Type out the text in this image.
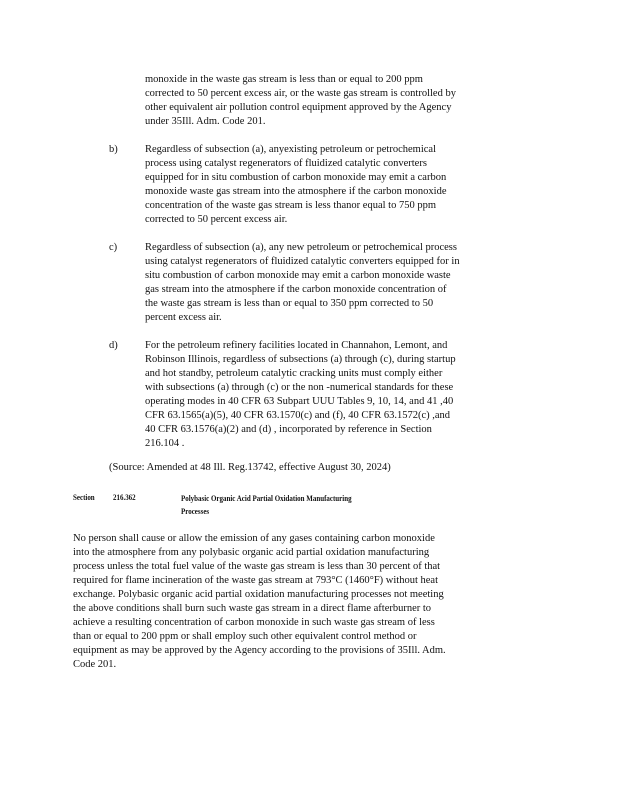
monoxide in the waste gas stream is less than or equal to 200 ppm
corrected to 50 percent excess air, or the waste gas stream is controlled by
other equivalent air pollution control equipment approved by the Agency
under 35Ill. Adm. Code 201.
b)	Regardless of subsection (a), anyexisting petroleum or petrochemical
process using catalyst regenerators of fluidized catalytic converters
equipped for in situ combustion of carbon monoxide may emit a carbon
monoxide waste gas stream into the atmosphere if the carbon monoxide
concentration of the waste gas stream is less thanor equal to 750 ppm
corrected to 50 percent excess air.
c)	Regardless of subsection (a), any new petroleum or petrochemical process
using catalyst regenerators of fluidized catalytic converters equipped for in
situ combustion of carbon monoxide may emit a carbon monoxide waste
gas stream into the atmosphere if the carbon monoxide concentration of
the waste gas stream is less than or equal to 350 ppm corrected to 50
percent excess air.
d)	For the petroleum refinery facilities located in Channahon, Lemont, and
Robinson Illinois, regardless of subsections (a) through (c), during startup
and hot standby, petroleum catalytic cracking units must comply either
with subsections (a) through (c) or the non -numerical standards for these
operating modes in 40 CFR 63 Subpart UUU Tables 9, 10, 14, and 41 ,40
CFR 63.1565(a)(5), 40 CFR 63.1570(c) and (f), 40 CFR 63.1572(c) ,and
40 CFR 63.1576(a)(2) and (d) , incorporated by reference in Section
216.104 .
(Source: Amended at 48 Ill. Reg.13742, effective August 30, 2024)
Section 216.362	Polybasic Organic Acid Partial Oxidation Manufacturing
Processes
No person shall cause or allow the emission of any gases containing carbon monoxide
into the atmosphere from any polybasic organic acid partial oxidation manufacturing
process unless the total fuel value of the waste gas stream is less than 30 percent of that
required for flame incineration of the waste gas stream at 793°C (1460°F) without heat
exchange. Polybasic organic acid partial oxidation manufacturing processes not meeting
the above conditions shall burn such waste gas stream in a direct flame afterburner to
achieve a resulting concentration of carbon monoxide in such waste gas stream of less
than or equal to 200 ppm or shall employ such other equivalent control method or
equipment as may be approved by the Agency according to the provisions of 35Ill. Adm.
Code 201.
